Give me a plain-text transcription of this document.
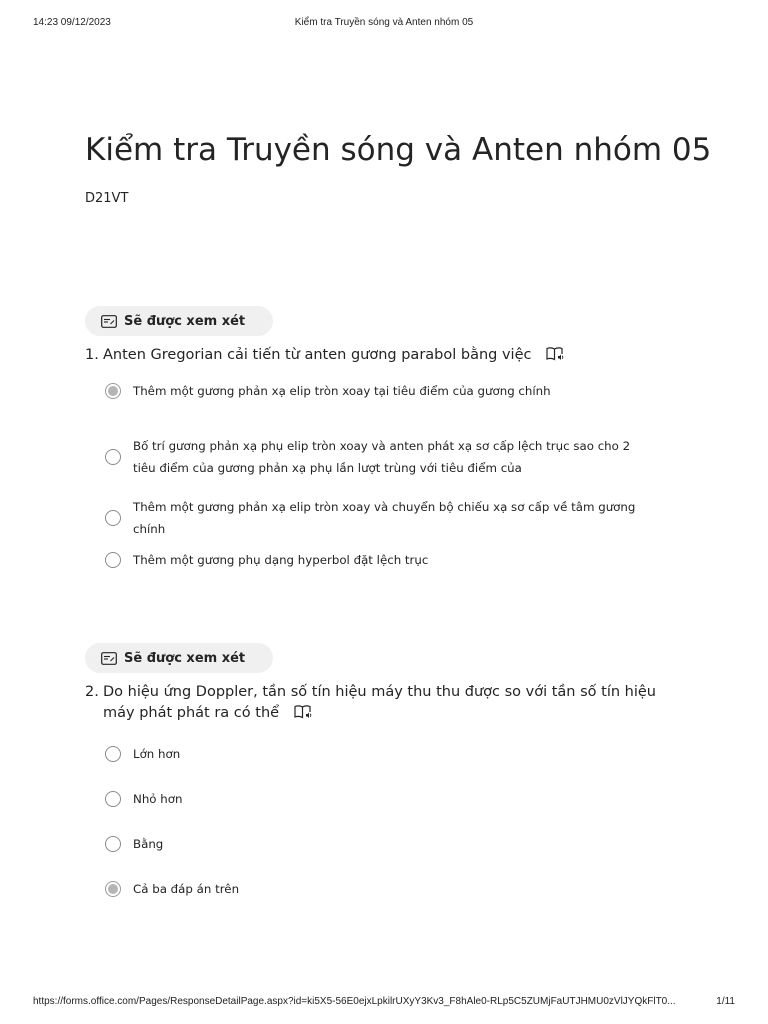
14:23 09/12/2023	Kiểm tra Truyền sóng và Anten nhóm 05
Kiểm tra Truyền sóng và Anten nhóm 05
D21VT
Sẽ được xem xét
1. Anten Gregorian cải tiến từ anten gương parabol bằng việc
Thêm một gương phản xạ elip tròn xoay tại tiêu điểm của gương chính
Bố trí gương phản xạ phụ elip tròn xoay và anten phát xạ sơ cấp lệch trục sao cho 2 tiêu điểm của gương phản xạ phụ lần lượt trùng với tiêu điểm của
Thêm một gương phản xạ elip tròn xoay và chuyển bộ chiếu xạ sơ cấp về tâm gương chính
Thêm một gương phụ dạng hyperbol đặt lệch trục
Sẽ được xem xét
2. Do hiệu ứng Doppler, tần số tín hiệu máy thu thu được so với tần số tín hiệu máy phát phát ra có thể
Lớn hơn
Nhỏ hơn
Bằng
Cả ba đáp án trên
https://forms.office.com/Pages/ResponseDetailPage.aspx?id=ki5X5-56E0ejxLpkilrUXyY3Kv3_F8hAle0-RLp5C5ZUMjFaUTJHMU0zVlJYQkFlT0...	1/11
